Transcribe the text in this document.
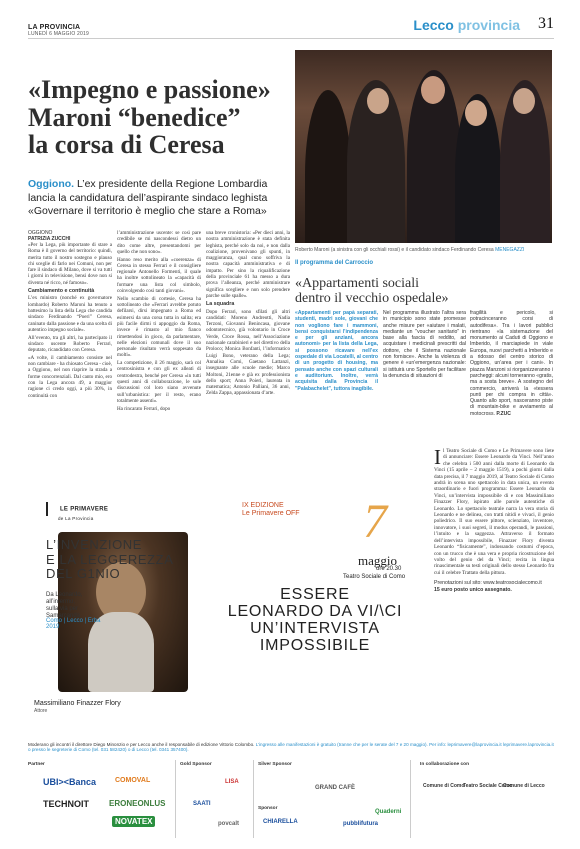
LA PROVINCIA
LUNEDÌ 6 MAGGIO 2019
Lecco provincia 31
«Impegno e passione»
Maroni “benedice”
la corsa di Ceresa
Oggiono. L’ex presidente della Regione Lombardia lancia la candidatura dell’aspirante sindaco leghista «Governare il territorio è meglio che stare a Roma»
OGGIONO
PATRIZIA ZUCCHI

«Per la Lega, più importante di stare a Roma è il governo del territorio: quindi, merita tutto il nostro sostegno e plauso chi sceglie di farlo nei Comuni, non per fare il sindaco di Milano, dove si va tutti i giorni in televisione, bensì dove non si diventa né ricco, né famoso».

Cambiamento e continuità

L’ex ministro (nonché ex governatore lombardo) Roberto Maroni ha tenuto a battesimo la lista della Lega che candida sindaco Ferdinando “Poeri” Ceresa, caninato dalla passione e da una scelta di autentico impegno sociale».

All’evento, tra gli altri, ha partecipato il sindaco uscente Roberto Ferrari, deputato, ricandidato con Ceresa.

«A volte, il cambiamento consiste nel non cambiare - ha chiosato Ceresa - cioè, a Oggiono, nel non riaprire la strada a forme concorrenziali. Dal canto mio, ero con la Lega ancora 49, a maggior ragione ci credo oggi, a più 30%, in continuità con

l’amministrazione uscente: se così pare credibile se mi nascondessi dietro un dito come altre, presentandomi per quello che non sono».

Hanno reso merito alla «coerenza» di Ceresa in stesso Ferrari e il consigliere regionale Antonello Formenti, il quale ha inoltre sottolineato la «capacità di formare una lista col simbolo, coinvolgendo così tanti giovani».

Nello scambio di cortesie, Ceresa ha sottolineato che «Ferrari avrebbe potuto defilarsi, dirsi impegnato a Roma ed esimersi da una corsa tutta in salita; era più facile dirmi ti appoggio da Roma, invece è rimasto al mio fianco rimettendosi in gioco, da parlamentare, nelle elezioni comunali dove il suo personale risultato verrà soppesato da molti».

La competizione, il 26 maggio, sarà col centrosinistra e con gli ex alleati di centrodestra, benché per Ceresa «in tutti questi anni di collaborazione, le sole discussioni col loro siano avvenute sull’urbanistica: per il resto, erano totalmente assenti».

Ha rincarato Ferrari, dopo

una breve cronistoria: «Per dieci anni, la nostra amministrazione è stata definita leghista, perché solo da noi, e non dalla coalizione, provenivano gli spunti, in maggioranza, qual cuno soffriva la nostra capacità amministrativa e di impatto. Per sino la riqualificazione della provinciale 61 ha messo a dura prova l’alleanza, perché amministrare significa scegliere e non solo prendere parche sulle spalle».

La squadra

Dopo Ferrari, sono sfilati gli altri candidati: Moreno Andreotti, Nadia Terzoni, Giovanni Benincasa, giovane odontotecnico, già volontario in Croce Verde, Croce Rossa, nell’Associazione nazionale carabinieri e nel direttivo della Proloco; Monica Bonfanti, l’informatico Luigi Bono, veterano della Lega; Annalisa Comi, Gaetano Lattanzi, insegnante alle scuole medie; Marco Moltoni, 21enne e già ex professionista dello sport; Anna Poieri, laureata in matematica; Antonio Palliani, 36 anni, Zelda Zappa, appassionata d’arte.

Roberto Maroni (a sinistra con gli occhiali rossi) e il candidato sindaco Ferdinando Ceresa MENEGAZZI
Il programma del Carroccio
«Appartamenti sociali
dentro il vecchio ospedale»
«Appartamenti per papà separati, studenti, madri sole, giovani che non vogliono fare i mammoni, bensì conquistarsi l’indipendenza e per gli anziani, ancora autonomi» per la lista della Lega, si possono ricavare nell’ex ospedale di via Locatelli, al centro di un progetto di housing, ma pensato anche con spazi culturali e auditorium. Inoltre, verrà acquisita dalla Provincia il "Palabachelet", tuttora inagibile.
Nel programma illustrato l’altra sera in municipio sono state promesse anche misure per «aiutare i malati, mediante un "voucher sanitario" in base alla fascia di reddito, ad acquistare i medicinali prescritti dal dottore, che il Sistema nazionale non fornisce». Anche la violenza di genere è «un’emergenza nazionale: si istituirà uno Sportello per facilitare la denuncia di situazioni di
fragilità e pericolo, si potracinceranno corsi di autodifesa». Tra i lavori pubblici rientrano «la sistemazione del monumento ai Caduti di Oggiono e Imberido, il marciapiede in viale Europa, nuovi parchetti a Imberido e a ridosso del centro storico di Oggiono, un’area per i cani». In piazza Manzoni si riorganizzeranno i parcheggi: alcuni torneranno «gratis, ma a sosta breve». A sostegno del commercio, arriverà la «tessera punti per chi compra in città». Quanto allo sport, nasceranno piste di mountain-bike e avviamento al motocross. P.ZUC
LE PRIMAVERE
de La Provincia
L’INVENZIONE
E LA LEGGEREZZA
DEL G1NIO
Da Leonardo,
all’infermo,
sulla via per
Samarcanda
Como | Lecco | Erba
2019
IX EDIZIONE
Le Primavere OFF 7
maggio
ore 20.30
Teatro Sociale di Como
ESSERE
LEONARDO DA VI/\CI
UN’INTERVISTA
IMPOSSIBILE
Massimiliano Finazzer Flory
Attore
I l Teatro Sociale di Como e Le Primavere sono liete di annunciare: Essere Leonardo da Vinci. Nell’anno che celebra i 500 anni dalla morte di Leonardo da Vinci (15 aprile – 2 maggio 1519), a pochi giorni dalla data precisa, il 7 maggio 2019, al Teatro Sociale di Como andrà in scena uno spettacolo in data unica, un evento straordinario e fuori programma: Essere Leonardo da Vinci, un’intervista impossibile di e con Massimiliano Finazzer Flory, ispirato alle parole autentiche di Leonardo. Lo spettacolo teatrale narra la vera storia di Leonardo e ne delinea, con tratti nitidi e vivaci, il genio poliedrico. Il suo essere pittore, scienziato, inventore, innovatore, i suoi segreti, il modus operandi, le passioni, l’intuito e la saggezza. Attraverso il formato dell’intervista impossibile, Finazzer Flory diventa Leonardo “fisicamente”, indossando costumi d’epoca, con un trucco che è una vera e propria ricostruzione del volto del genio del da Vinci; recita in lingua rinascimentale su testi originali dello stesso Leonardo fra cui il celebre Trattato della pittura.
Prenotazioni sul sito: www.teatrosocialecomo.it
15 euro posto unico assegnato.
Moderano gli incontri il direttore Diego Minonzio e per Lecco anche il responsabile di edizione Vittorio Colombo. L’ingresso alle manifestazioni è gratuito (tranne che per le serate del 7 e 20 maggio). Per info: leprimavere@laprovincia.it leprimavere.laprovincia.it o presso le segreterie di Como (tel. 031 582420) o di Lecco (tel. 0341 357400).
Partner
UBI><Banca	COMOVAL
TECHNOIT	ERONEONLUS
NOVATEX
Gold Sponsor
SAATI
LISA
povcalt
Silver Sponsor
Sponsor
CHIARELLA
GRAND CAFÈ
pubblifutura
Quaderni
In collaborazione con
Comune di Como
Teatro Sociale Como
Comune di Lecco
